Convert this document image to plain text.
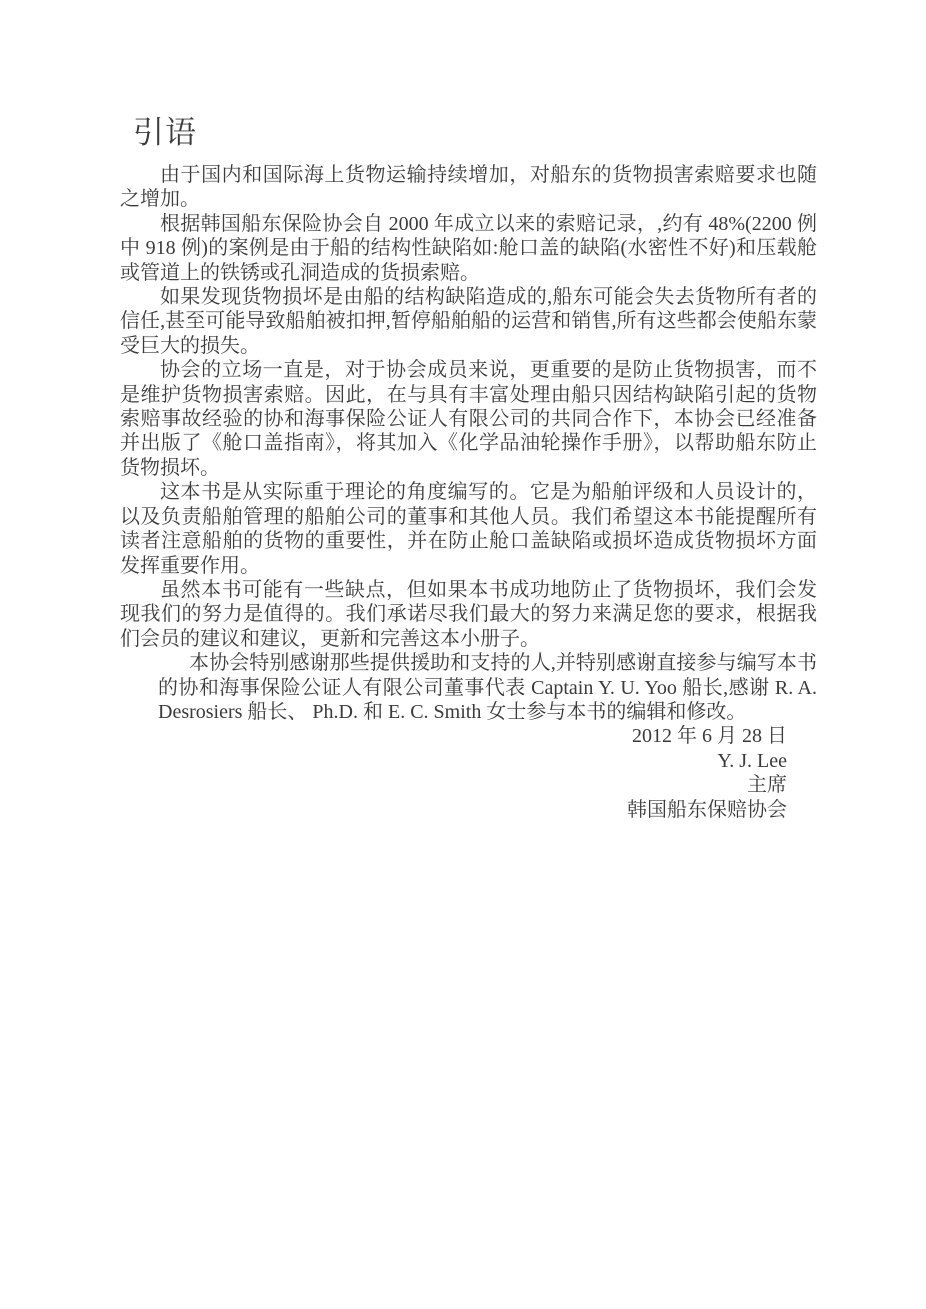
引语

由于国内和国际海上货物运输持续增加，对船东的货物损害索赔要求也随之增加。

根据韩国船东保险协会自 2000 年成立以来的索赔记录，,约有 48%(2200 例中 918 例)的案例是由于船的结构性缺陷如:舱口盖的缺陷(水密性不好)和压载舱或管道上的铁锈或孔洞造成的货损索赔。

如果发现货物损坏是由船的结构缺陷造成的,船东可能会失去货物所有者的信任,甚至可能导致船舶被扣押,暂停船舶船的运营和销售,所有这些都会使船东蒙受巨大的损失。

协会的立场一直是，对于协会成员来说，更重要的是防止货物损害，而不是维护货物损害索赔。因此，在与具有丰富处理由船只因结构缺陷引起的货物索赔事故经验的协和海事保险公证人有限公司的共同合作下，本协会已经准备并出版了《舱口盖指南》，将其加入《化学品油轮操作手册》，以帮助船东防止货物损坏。

这本书是从实际重于理论的角度编写的。它是为船舶评级和人员设计的，以及负责船舶管理的船舶公司的董事和其他人员。我们希望这本书能提醒所有读者注意船舶的货物的重要性，并在防止舱口盖缺陷或损坏造成货物损坏方面发挥重要作用。

虽然本书可能有一些缺点，但如果本书成功地防止了货物损坏，我们会发现我们的努力是值得的。我们承诺尽我们最大的努力来满足您的要求，根据我们会员的建议和建议，更新和完善这本小册子。

本协会特别感谢那些提供援助和支持的人,并特别感谢直接参与编写本书的协和海事保险公证人有限公司董事代表 Captain Y. U. Yoo 船长,感谢 R. A. Desrosiers 船长、 Ph.D. 和 E. C. Smith 女士参与本书的编辑和修改。

2012 年 6 月 28 日
Y. J. Lee
主席
韩国船东保赔协会
